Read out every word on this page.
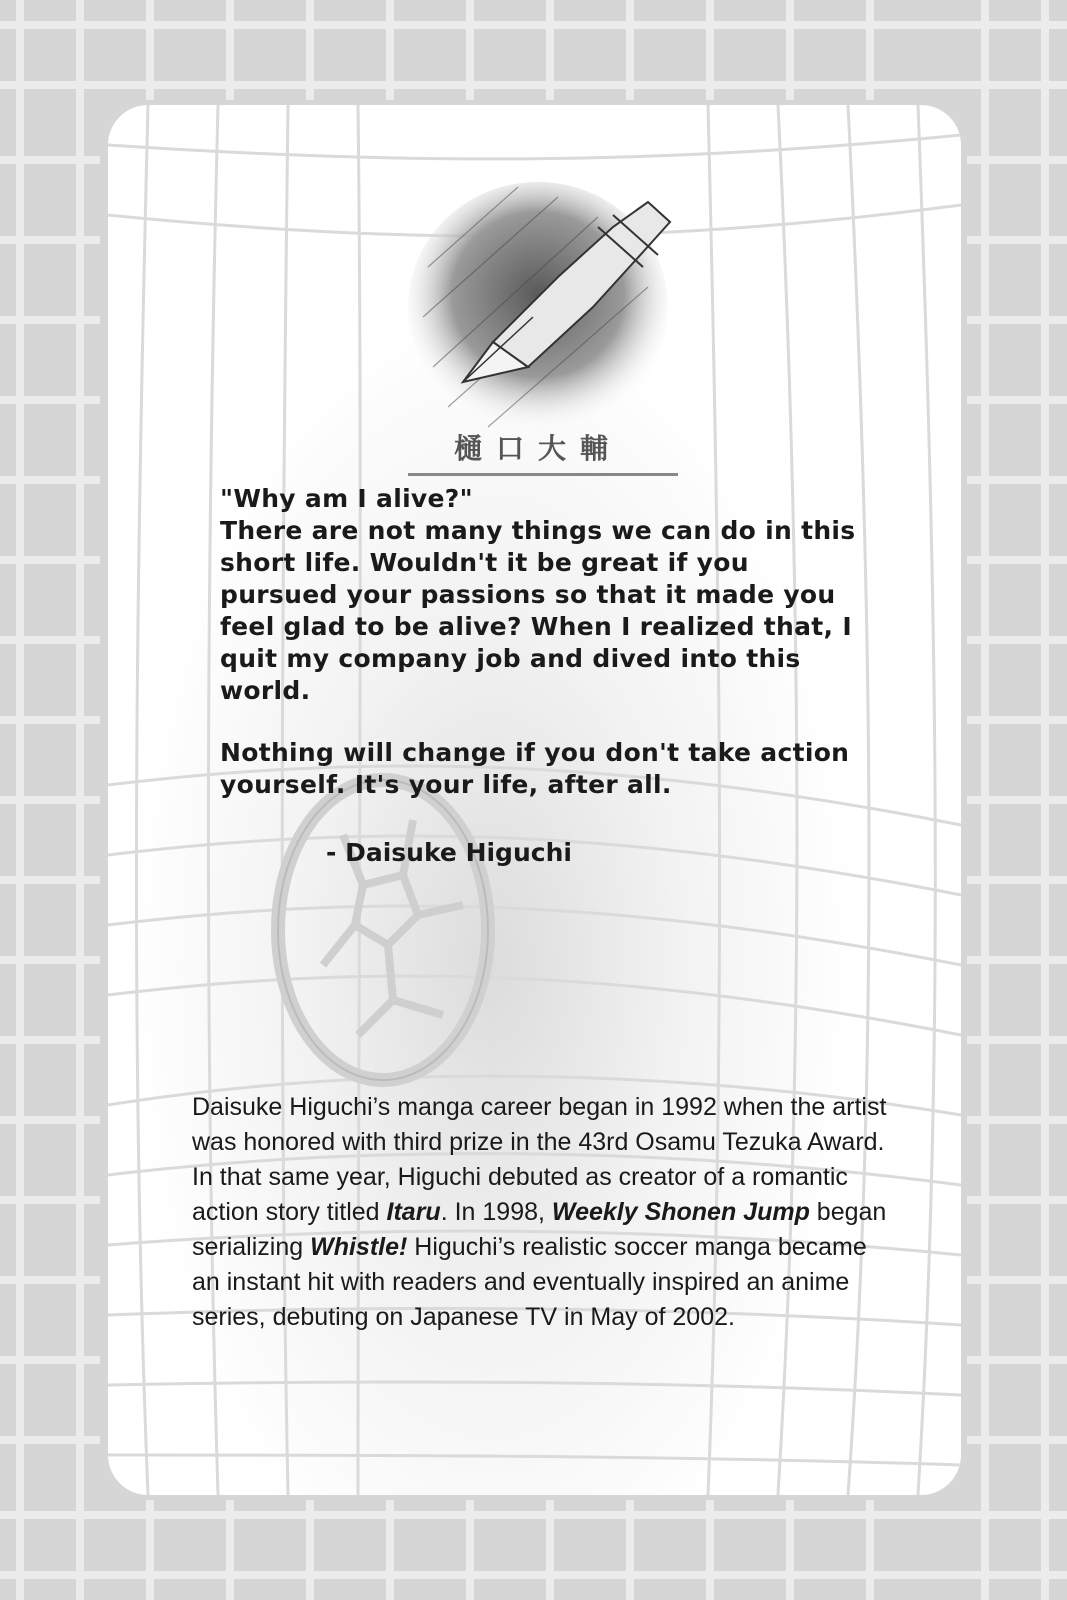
樋口大輔

"Why am I alive?"
There are not many things we can do in this short life. Wouldn't it be great if you pursued your passions so that it made you feel glad to be alive? When I realized that, I quit my company job and dived into this world.

Nothing will change if you don't take action yourself. It's your life, after all.

- Daisuke Higuchi
Daisuke Higuchi’s manga career began in 1992 when the artist was honored with third prize in the 43rd Osamu Tezuka Award. In that same year, Higuchi debuted as creator of a romantic action story titled Itaru. In 1998, Weekly Shonen Jump began serializing Whistle! Higuchi’s realistic soccer manga became an instant hit with readers and eventually inspired an anime series, debuting on Japanese TV in May of 2002.
